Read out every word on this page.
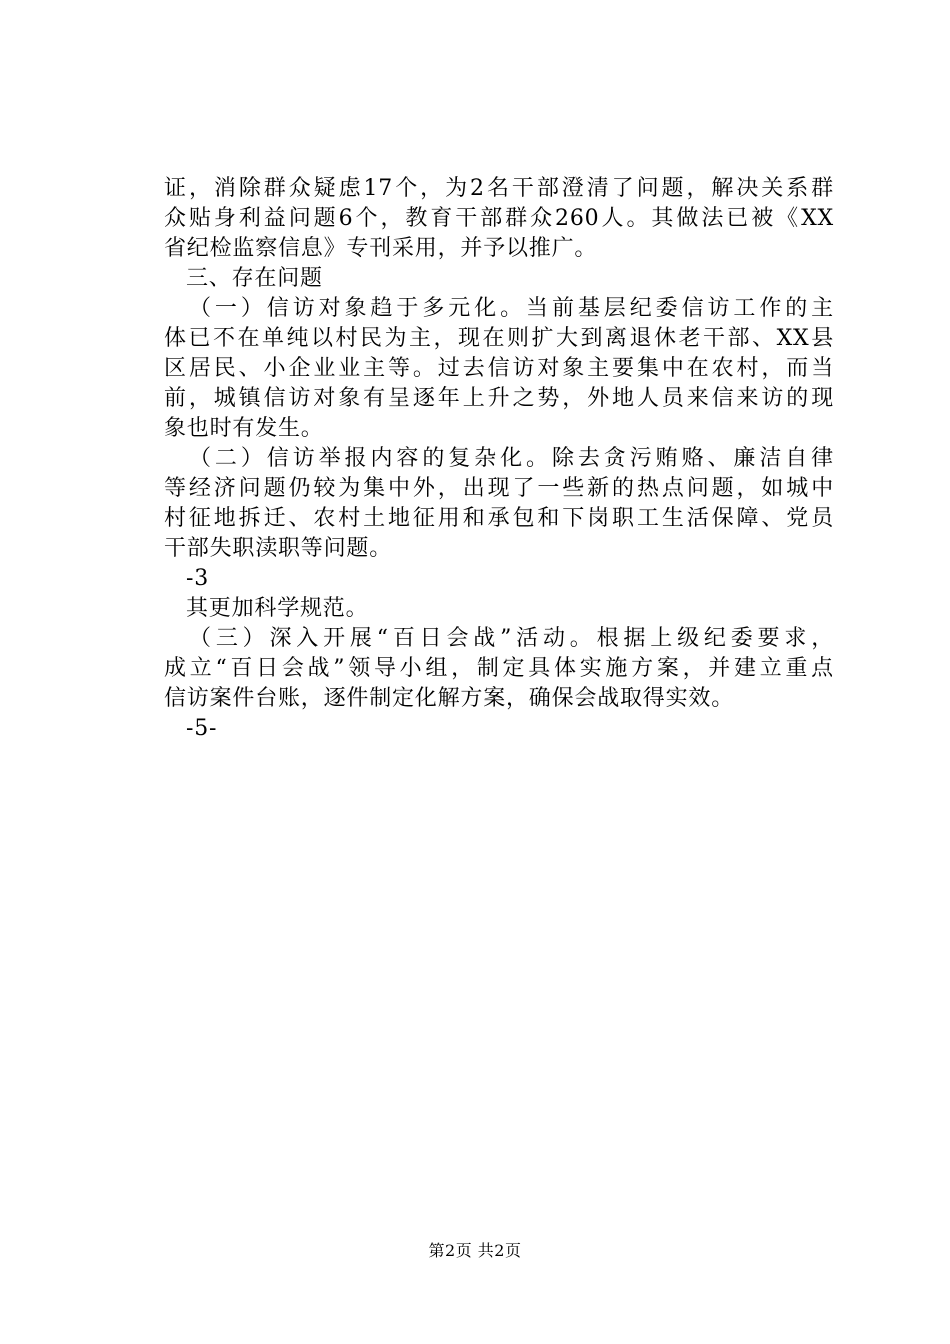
证，消除群众疑虑17个，为2名干部澄清了问题，解决关系群
众贴身利益问题6个，教育干部群众260人。其做法已被《XX
省纪检监察信息》专刊采用，并予以推广。
三、存在问题
（一）信访对象趋于多元化。当前基层纪委信访工作的主
体已不在单纯以村民为主，现在则扩大到离退休老干部、XX县
区居民、小企业业主等。过去信访对象主要集中在农村，而当
前，城镇信访对象有呈逐年上升之势，外地人员来信来访的现
象也时有发生。
（二）信访举报内容的复杂化。除去贪污贿赂、廉洁自律
等经济问题仍较为集中外，出现了一些新的热点问题，如城中
村征地拆迁、农村土地征用和承包和下岗职工生活保障、党员
干部失职渎职等问题。
-3
其更加科学规范。
（三）深入开展“百日会战”活动。根据上级纪委要求，
成立“百日会战”领导小组，制定具体实施方案，并建立重点
信访案件台账，逐件制定化解方案，确保会战取得实效。
-5-
第2页 共2页
